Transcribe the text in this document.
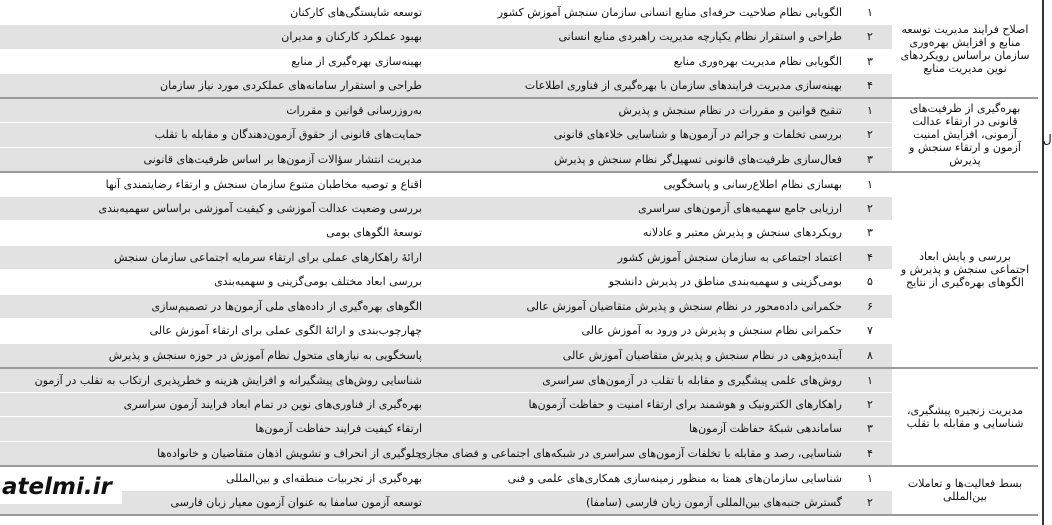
اصلاح فرایند مدیریت توسعه منابع و افزایش بهره‌وری سازمان براساس رویکردهای نوین مدیریت منابع	۱	الگویابی نظام صلاحیت حرفه‌ای منابع انسانی سازمان سنجش آموزش کشور	توسعه شایستگی‌های کارکنان
	۲	طراحی و استقرار نظام یکپارچه مدیریت راهبردی منابع انسانی	بهبود عملکرد کارکنان و مدیران
	۳	الگویابی نظام مدیریت بهره‌وری منابع	بهینه‌سازی بهره‌گیری از منابع
	۴	بهینه‌سازی مدیریت فرایندهای سازمان با بهره‌گیری از فناوری اطلاعات	طراحی و استقرار سامانه‌های عملکردی مورد نیاز سازمان
بهره‌گیری از ظرفیت‌های قانونی در ارتقاء عدالت آزمونی، افزایش امنیت آزمون و ارتقاء سنجش و پذیرش	۱	تنقیح قوانین و مقررات در نظام سنجش و پذیرش	به‌روزرسانی قوانین و مقررات
	۲	بررسی تخلفات و جرائم در آزمون‌ها و شناسایی خلاءهای قانونی	حمایت‌های قانونی از حقوق آزمون‌دهندگان و مقابله با تقلب
	۳	فعال‌سازی ظرفیت‌های قانونی تسهیل‌گر نظام سنجش و پذیرش	مدیریت انتشار سؤالات آزمون‌ها بر اساس ظرفیت‌های قانونی
بررسی و پایش ابعاد اجتماعی سنجش و پذیرش و الگوهای بهره‌گیری از نتایج	۱	بهسازی نظام اطلاع‌رسانی و پاسخگویی	اقناع و توصیه مخاطبان متنوع سازمان سنجش و ارتقاء رضایتمندی آنها
	۲	ارزیابی جامع سهمیه‌های آزمون‌های سراسری	بررسی وضعیت عدالت آموزشی و کیفیت آموزشی براساس سهمیه‌بندی
	۳	رویکردهای سنجش و پذیرش معتبر و عادلانه	توسعهٔ الگوهای بومی
	۴	اعتماد اجتماعی به سازمان سنجش آموزش کشور	ارائهٔ راهکارهای عملی برای ارتقاء سرمایه اجتماعی سازمان سنجش
	۵	بومی‌گزینی و سهمیه‌بندی مناطق در پذیرش دانشجو	بررسی ابعاد مختلف بومی‌گزینی و سهمیه‌بندی
	۶	حکمرانی داده‌محور در نظام سنجش و پذیرش متقاضیان آموزش عالی	الگوهای بهره‌گیری از داده‌های ملی آزمون‌ها در تصمیم‌سازی
	۷	حکمرانی نظام سنجش و پذیرش در ورود به آموزش عالی	چهارچوب‌بندی و ارائهٔ الگوی عملی برای ارتقاء آموزش عالی
	۸	آینده‌پژوهی در نظام سنجش و پذیرش متقاضیان آموزش عالی	پاسخگویی به نیازهای متحول نظام آموزش در حوزه سنجش و پذیرش
مدیریت زنجیره پیشگیری، شناسایی و مقابله با تقلب	۱	روش‌های علمی پیشگیری و مقابله با تقلب در آزمون‌های سراسری	شناسایی روش‌های پیشگیرانه و افزایش هزینه و خطرپذیری ارتکاب به تقلب در آزمون
	۲	راهکارهای الکترونیک و هوشمند برای ارتقاء امنیت و حفاظت آزمون‌ها	بهره‌گیری از فناوری‌های نوین در تمام ابعاد فرایند آزمون سراسری
	۳	ساماندهی شبکهٔ حفاظت آزمون‌ها	ارتقاء کیفیت فرایند حفاظت آزمون‌ها
	۴	شناسایی، رصد و مقابله با تخلفات آزمون‌های سراسری در شبکه‌های اجتماعی و فضای مجازی	جلوگیری از انحراف و تشویش اذهان متقاضیان و خانواده‌ها
بسط فعالیت‌ها و تعاملات بین‌المللی	۱	شناسایی سازمان‌های همتا به منظور زمینه‌سازی همکاری‌های علمی و فنی	بهره‌گیری از تجربیات منطقه‌ای و بین‌المللی
	۲	گسترش جنبه‌های بین‌المللی آزمون زبان فارسی (سامفا)	توسعه آزمون سامفا به عنوان آزمون معیار زبان فارسی
ل
atelmi.ir
